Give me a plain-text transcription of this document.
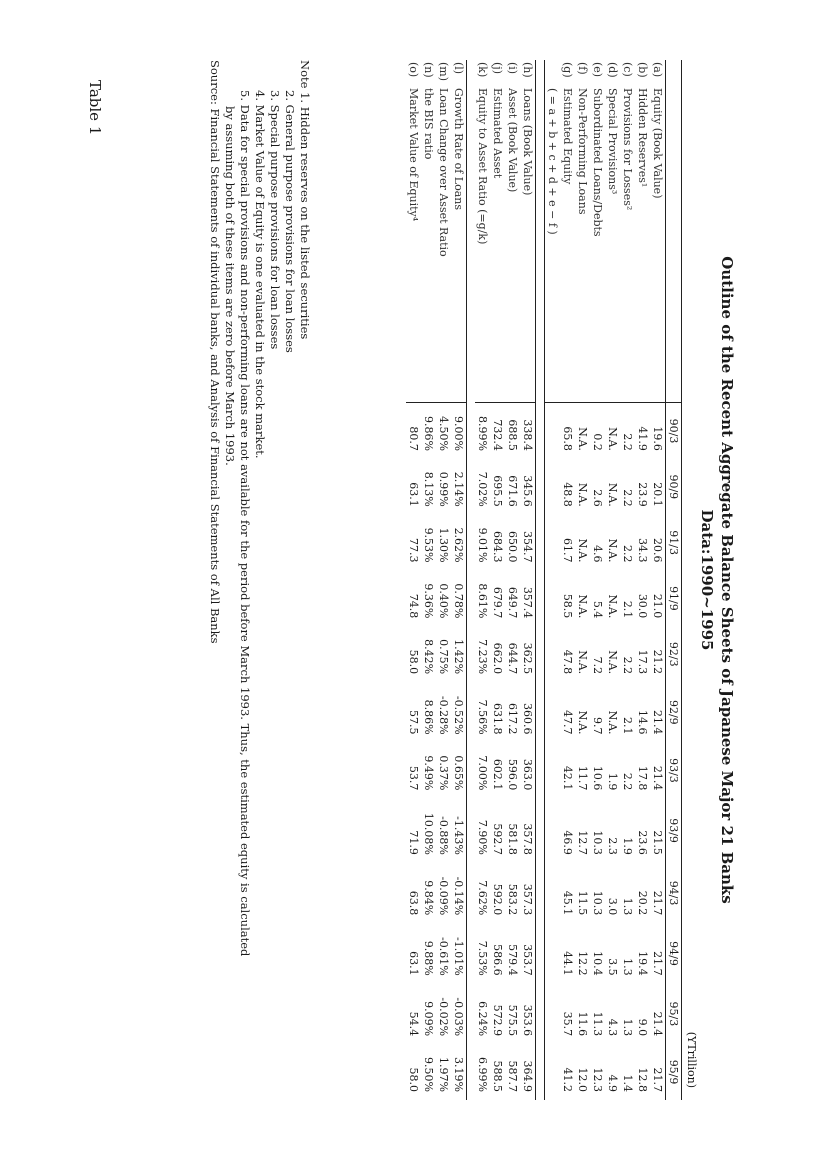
Table 1
Outline of the Recent Aggregate Balance Sheets of Japanese Major 21 Banks
Data:1990~1995
(YTrillion)
		90/3	90/9	91/3	91/9	92/3	92/9	93/3	93/9	94/3	94/9	95/3	95/9
(a)	Equity (Book Value)	19.6	20.1	20.6	21.0	21.2	21.4	21.4	21.5	21.7	21.7	21.4	21.7
(b)	Hidden Reserves¹	41.9	23.9	34.3	30.0	17.3	14.6	17.8	23.6	20.2	19.4	9.0	12.8
(c)	Provisions for Losses²	2.2	2.2	2.2	2.1	2.2	2.1	2.2	1.9	1.3	1.3	1.3	1.4
(d)	Special Provisions³	N.A.	N.A.	N.A.	N.A.	N.A.	N.A.	1.9	2.3	3.0	3.5	4.3	4.9
(e)	Subordinated Loans/Debts	0.2	2.6	4.6	5.4	7.2	9.7	10.6	10.3	10.3	10.4	11.3	12.3
(f)	Non-Performing Loans	N.A.	N.A.	N.A.	N.A.	N.A.	N.A.	11.7	12.7	11.5	12.2	11.6	12.0
(g)	Estimated Equity	65.8	48.8	61.7	58.5	47.8	47.7	42.1	46.9	45.1	44.1	35.7	41.2
	( = a + b + c + d + e − f )												

(h)	Loans (Book Value)	338.4	345.6	354.7	357.4	362.5	360.6	363.0	357.8	357.3	353.7	353.6	364.9
(i)	Asset (Book Value)	688.5	671.6	650.0	649.7	644.7	617.2	596.0	581.8	583.2	579.4	575.5	587.7
(j)	Estimated Asset	732.4	695.5	684.3	679.7	662.0	631.8	602.1	592.7	592.0	586.6	572.9	588.5
(k)	Equity to Asset Ratio (=g/k)	8.99%	7.02%	9.01%	8.61%	7.23%	7.56%	7.00%	7.90%	7.62%	7.53%	6.24%	6.99%

(l)	Growth Rate of Loans	9.00%	2.14%	2.62%	0.78%	1.42%	-0.52%	0.65%	-1.43%	-0.14%	-1.01%	-0.03%	3.19%
(m)	Loan Change over Asset Ratio	4.50%	0.99%	1.30%	0.40%	0.75%	-0.28%	0.37%	-0.88%	-0.09%	-0.61%	-0.02%	1.97%
(n)	the BIS ratio	9.86%	8.13%	9.53%	9.36%	8.42%	8.86%	9.49%	10.08%	9.84%	9.88%	9.09%	9.50%
(o)	Market Value of Equity⁴	80.7	63.1	77.3	74.8	58.0	57.5	53.7	71.9	63.8	63.1	54.4	58.0
Note 1. Hidden reserves on the listed securities
2. General purpose provisions for loan losses
3. Special purpose provisions for loan losses
4. Market Value of Equity is one evaluated in the stock market.
5. Data for special provisions and non-performing loans are not available for the period before March 1993. Thus, the estimated equity is calculated
by assuming both of these items are zero before March 1993.
Source: Financial Statements of individual banks, and Analysis of Financial Statements of All Banks
